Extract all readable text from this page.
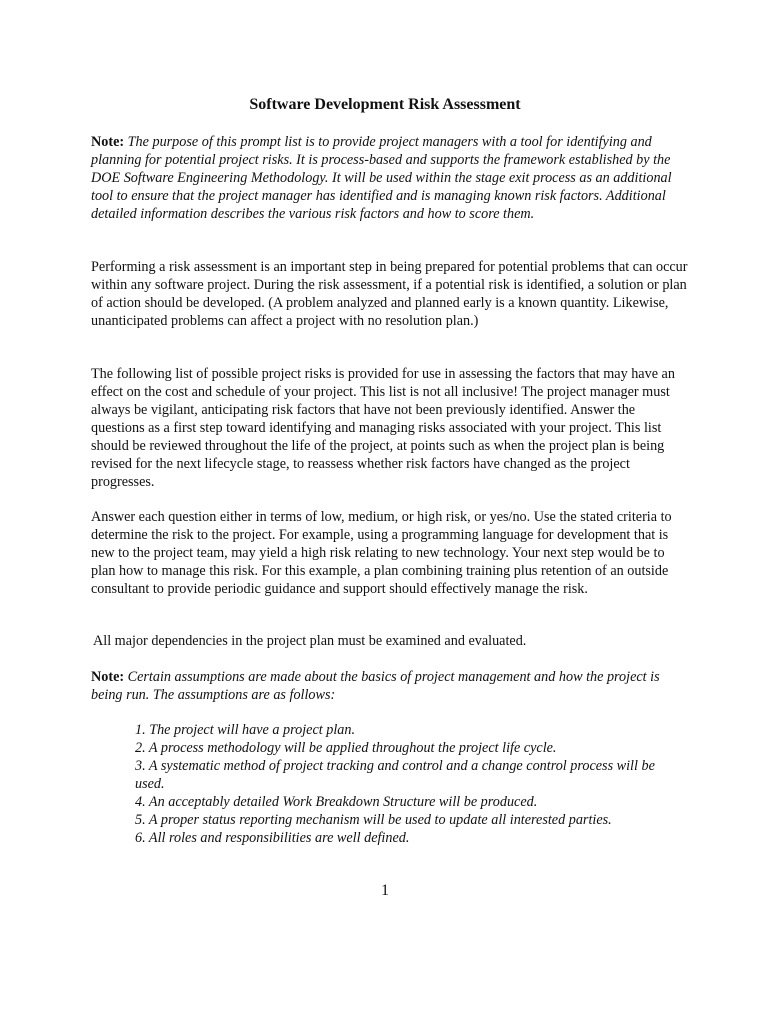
Software Development Risk Assessment

Note: The purpose of this prompt list is to provide project managers with a tool for identifying and planning for potential project risks. It is process-based and supports the framework established by the DOE Software Engineering Methodology. It will be used within the stage exit process as an additional tool to ensure that the project manager has identified and is managing known risk factors. Additional detailed information describes the various risk factors and how to score them.

Performing a risk assessment is an important step in being prepared for potential problems that can occur within any software project. During the risk assessment, if a potential risk is identified, a solution or plan of action should be developed. (A problem analyzed and planned early is a known quantity. Likewise, unanticipated problems can affect a project with no resolution plan.)

The following list of possible project risks is provided for use in assessing the factors that may have an effect on the cost and schedule of your project. This list is not all inclusive! The project manager must always be vigilant, anticipating risk factors that have not been previously identified. Answer the questions as a first step toward identifying and managing risks associated with your project. This list should be reviewed throughout the life of the project, at points such as when the project plan is being revised for the next lifecycle stage, to reassess whether risk factors have changed as the project progresses.

Answer each question either in terms of low, medium, or high risk, or yes/no. Use the stated criteria to determine the risk to the project. For example, using a programming language for development that is new to the project team, may yield a high risk relating to new technology. Your next step would be to plan how to manage this risk. For this example, a plan combining training plus retention of an outside consultant to provide periodic guidance and support should effectively manage the risk.

All major dependencies in the project plan must be examined and evaluated.

Note: Certain assumptions are made about the basics of project management and how the project is being run. The assumptions are as follows:

1. The project will have a project plan.
2. A process methodology will be applied throughout the project life cycle.
3. A systematic method of project tracking and control and a change control process will be used.
4. An acceptably detailed Work Breakdown Structure will be produced.
5. A proper status reporting mechanism will be used to update all interested parties.
6. All roles and responsibilities are well defined.

1
